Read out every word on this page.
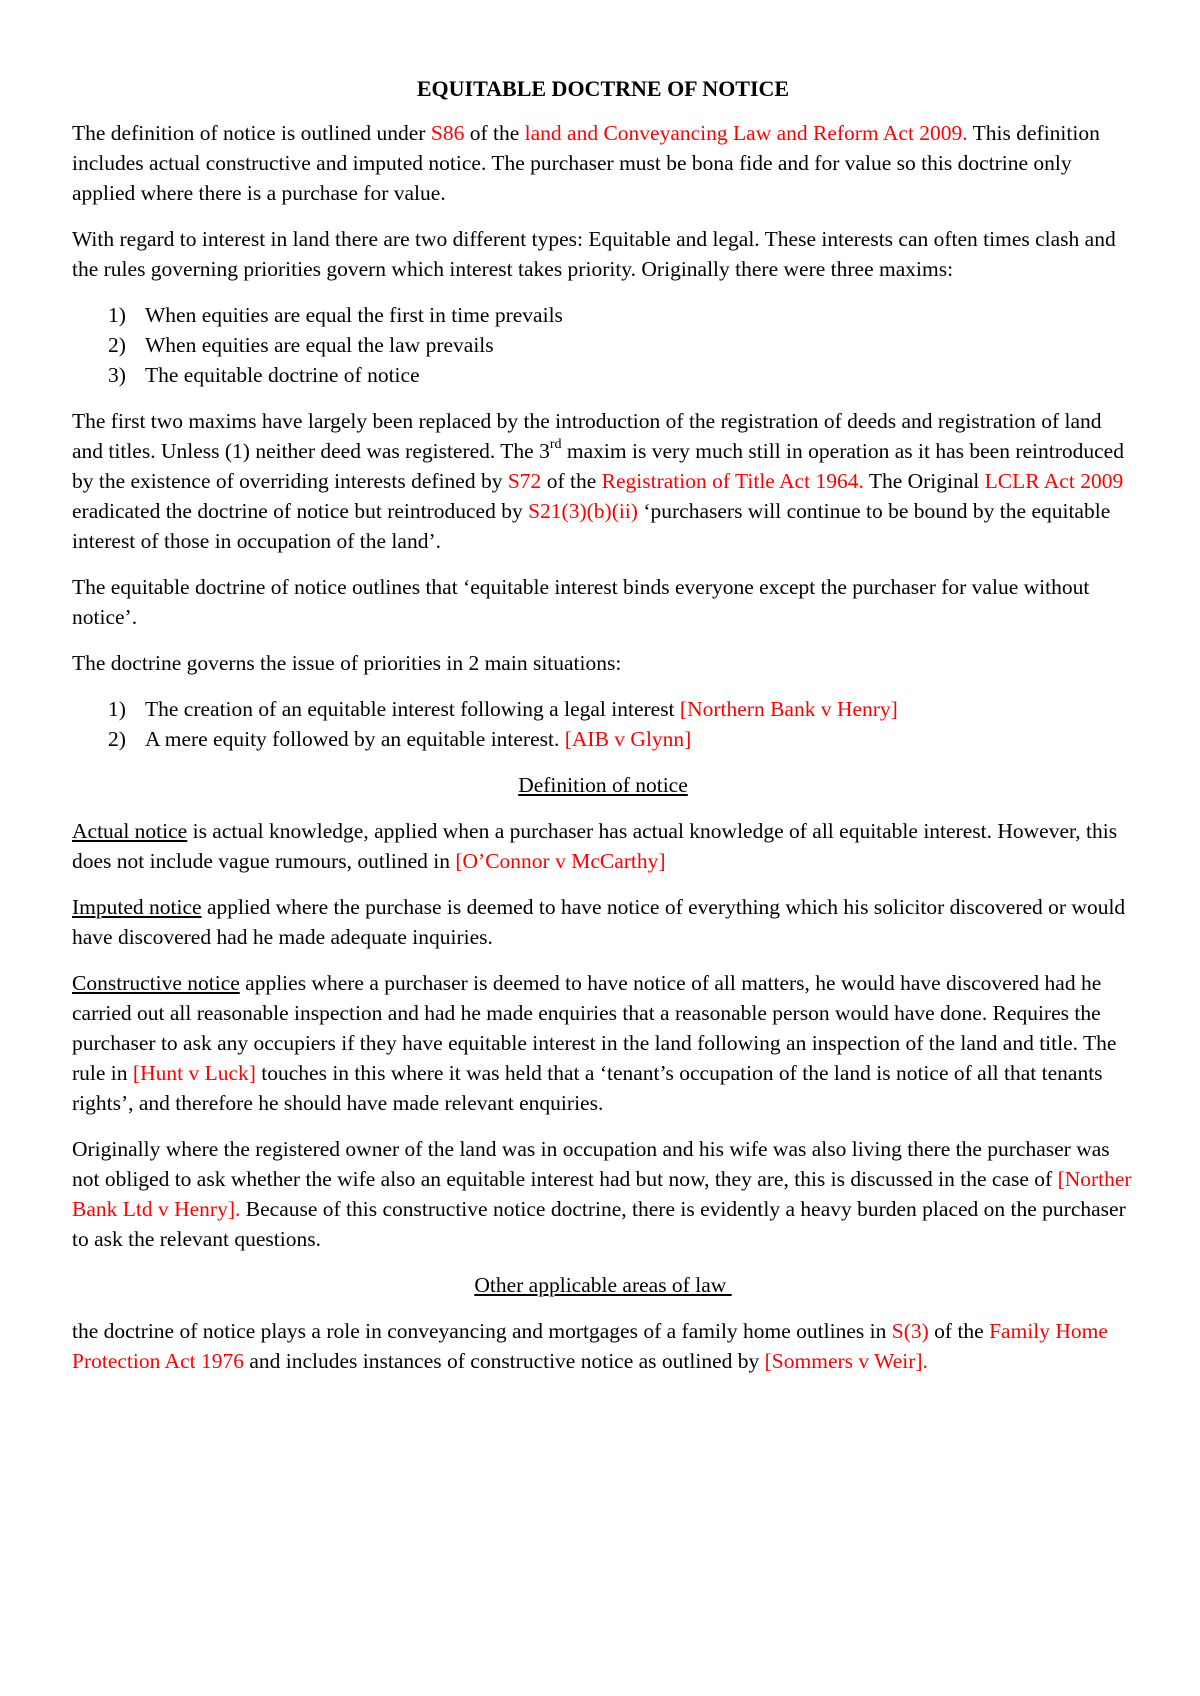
EQUITABLE DOCTRNE OF NOTICE

The definition of notice is outlined under S86 of the land and Conveyancing Law and Reform Act 2009. This definition includes actual constructive and imputed notice. The purchaser must be bona fide and for value so this doctrine only applied where there is a purchase for value.

With regard to interest in land there are two different types: Equitable and legal. These interests can often times clash and the rules governing priorities govern which interest takes priority. Originally there were three maxims:

1) When equities are equal the first in time prevails
2) When equities are equal the law prevails
3) The equitable doctrine of notice

The first two maxims have largely been replaced by the introduction of the registration of deeds and registration of land and titles. Unless (1) neither deed was registered. The 3rd maxim is very much still in operation as it has been reintroduced by the existence of overriding interests defined by S72 of the Registration of Title Act 1964. The Original LCLR Act 2009 eradicated the doctrine of notice but reintroduced by S21(3)(b)(ii) ‘purchasers will continue to be bound by the equitable interest of those in occupation of the land’.

The equitable doctrine of notice outlines that ‘equitable interest binds everyone except the purchaser for value without notice’.

The doctrine governs the issue of priorities in 2 main situations:

1) The creation of an equitable interest following a legal interest [Northern Bank v Henry]
2) A mere equity followed by an equitable interest. [AIB v Glynn]

Definition of notice

Actual notice is actual knowledge, applied when a purchaser has actual knowledge of all equitable interest. However, this does not include vague rumours, outlined in [O’Connor v McCarthy]

Imputed notice applied where the purchase is deemed to have notice of everything which his solicitor discovered or would have discovered had he made adequate inquiries.

Constructive notice applies where a purchaser is deemed to have notice of all matters, he would have discovered had he carried out all reasonable inspection and had he made enquiries that a reasonable person would have done. Requires the purchaser to ask any occupiers if they have equitable interest in the land following an inspection of the land and title. The rule in [Hunt v Luck] touches in this where it was held that a ‘tenant’s occupation of the land is notice of all that tenants rights’, and therefore he should have made relevant enquiries.

Originally where the registered owner of the land was in occupation and his wife was also living there the purchaser was not obliged to ask whether the wife also an equitable interest had but now, they are, this is discussed in the case of [Norther Bank Ltd v Henry]. Because of this constructive notice doctrine, there is evidently a heavy burden placed on the purchaser to ask the relevant questions.

Other applicable areas of law

the doctrine of notice plays a role in conveyancing and mortgages of a family home outlines in S(3) of the Family Home Protection Act 1976 and includes instances of constructive notice as outlined by [Sommers v Weir].
